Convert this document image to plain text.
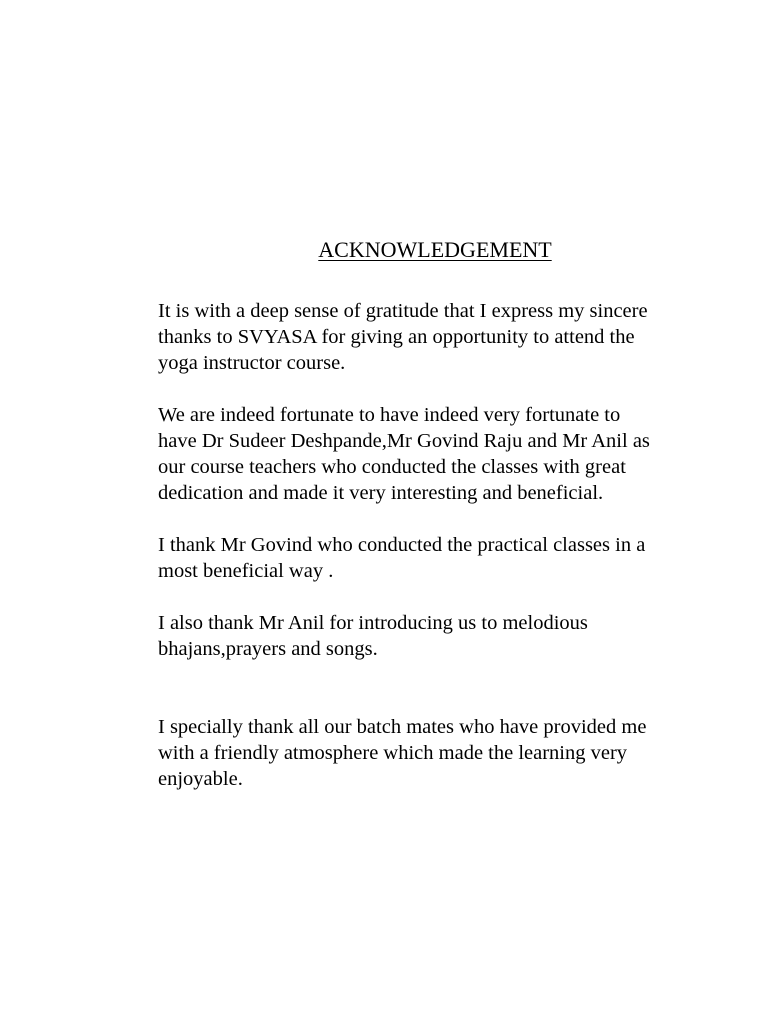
ACKNOWLEDGEMENT

It is with a deep sense of gratitude that I express my sincere
thanks to SVYASA for giving an opportunity to attend the
yoga instructor course.

We are indeed fortunate to have indeed very fortunate to
have Dr Sudeer Deshpande,Mr Govind Raju and Mr Anil as
our course teachers who conducted the classes with great
dedication and made it very interesting and beneficial.

I thank Mr Govind who conducted the practical classes in a
most beneficial way .

I also thank Mr Anil for introducing us to melodious
bhajans,prayers and songs.

I specially thank all our batch mates who have provided me
with a friendly atmosphere which made the learning very
enjoyable.
